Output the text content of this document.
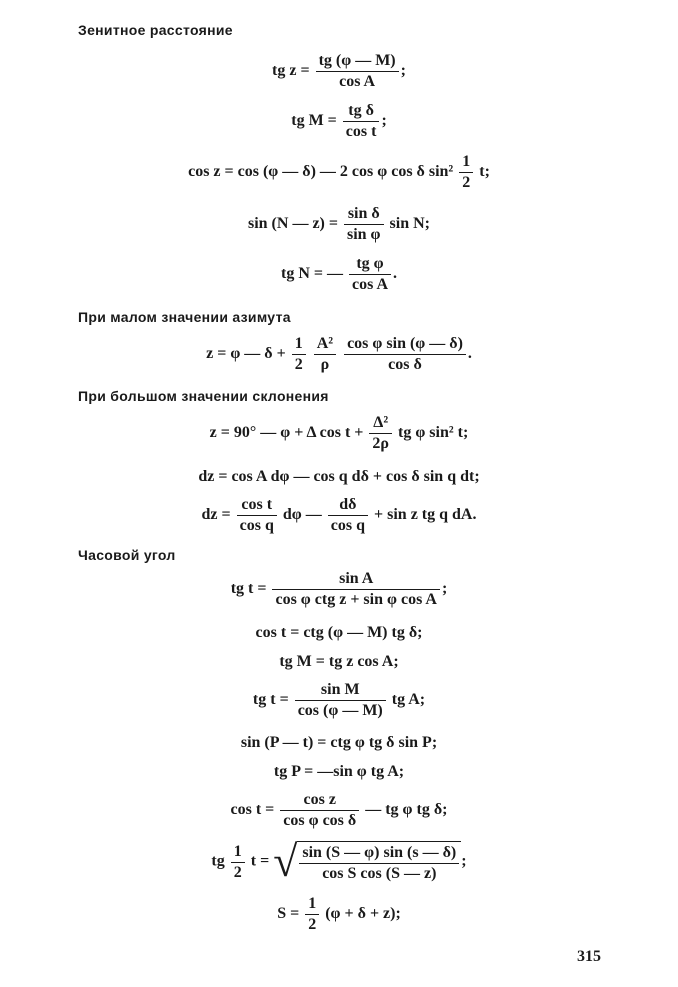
Зенитное расстояние
tg $z = \frac{tg (\varphi — M)}{\text{cos A}}$ ;
tg $M = \frac{\text{tg δ}}{\text{cos t}}$ ;
cos z = cos (φ — δ) — 2 cos φ cos δ $\sin^2 \frac{1}{2} t$;
sin (N — $z) = \frac{\text{sin δ}}{\text{sin φ}}$ sin N;
tg N = — $\frac{\text{tg φ}}{\text{cos A}}$ .
При малом значении азимута
z = φ — $\delta + \frac{1}{2}$
$\frac{\text{A²}}{\rho}$
$\frac{\text{cos φ sin (φ — δ)}}{\text{cos δ}}$ .
При большом значении склонения
z = 90° — φ + Δ $\cos t + \frac{\text{Δ²}}{2\rho}$ tg φ sin² t;
dz = cos A dφ — cos q dδ + cos δ sin q dt;
dz = $\frac{\text{cos t}}{\text{cos q}}$ dφ — $\frac{d\delta}{\text{cos q}} + \sin z$ tg q dA.
Часовой угол
tg $t = \frac{\text{sin A}}{\text{cos φ ctg z + sin φ cos A}}$ ;
cos t = ctg (φ — M) tg δ;
tg M = tg z cos A;
tg $t = \frac{\text{sin M}}{\cos (\varphi — M)}$ tg A;
sin (P — t) = ctg φ tg δ sin P;
tg P = —sin φ tg A;
$\cos t = \frac{\text{cos z}}{\text{cos φ cos δ}}$ — tg φ tg δ;
tg $\frac{1}{2}$ t = √ $\frac{\sin (S — \varphi) \sin (s — \delta)}{\text{cos S cos (S — z)}}$ ;
$S = \frac{1}{2} (\varphi + \delta + z)$;
315
